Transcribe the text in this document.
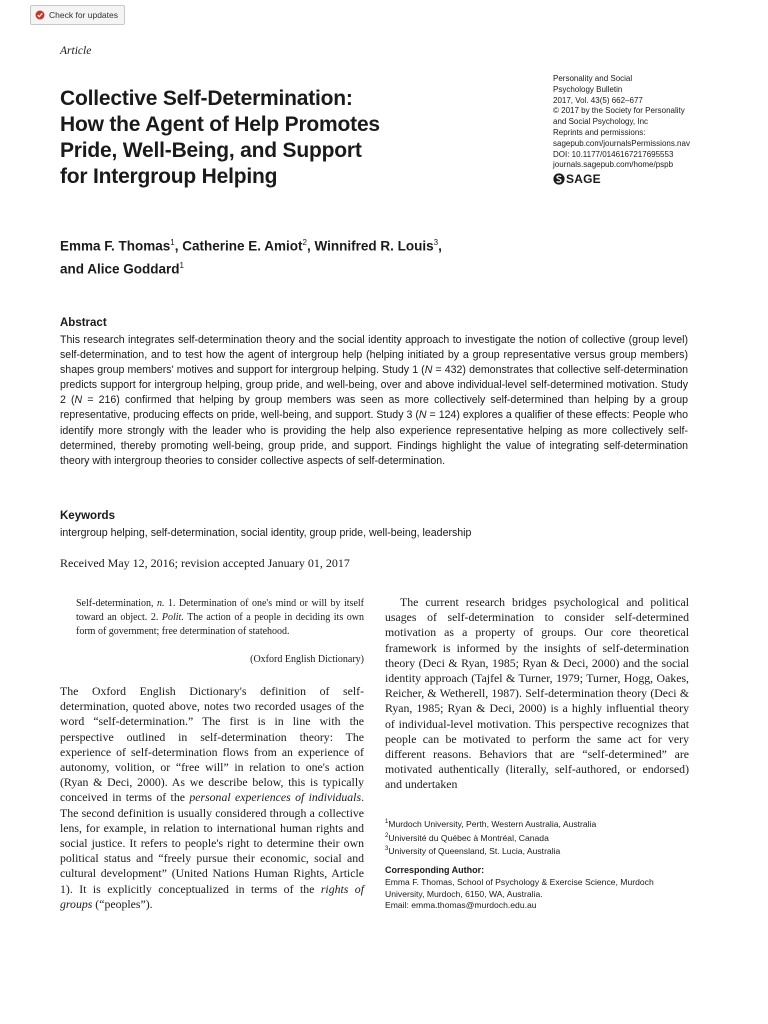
Check for updates
Article
Collective Self-Determination:
How the Agent of Help Promotes
Pride, Well-Being, and Support
for Intergroup Helping
Personality and Social
Psychology Bulletin
2017, Vol. 43(5) 662–677
© 2017 by the Society for Personality
and Social Psychology, Inc
Reprints and permissions:
sagepub.com/journalsPermissions.nav
DOI: 10.1177/0146167217695553
journals.sagepub.com/home/pspb
SAGE
Emma F. Thomas$^1$, Catherine E. Amiot$^2$, Winnifred R. Louis$^3$,
and Alice Goddard$^1$
Abstract

This research integrates self-determination theory and the social identity approach to investigate the notion of collective (group level) self-determination, and to test how the agent of intergroup help (helping initiated by a group representative versus group members) shapes group members' motives and support for intergroup helping. Study 1 (N = 432) demonstrates that collective self-determination predicts support for intergroup helping, group pride, and well-being, over and above individual-level self-determined motivation. Study 2 (N = 216) confirmed that helping by group members was seen as more collectively self-determined than helping by a group representative, producing effects on pride, well-being, and support. Study 3 (N = 124) explores a qualifier of these effects: People who identify more strongly with the leader who is providing the help also experience representative helping as more collectively self-determined, thereby promoting well-being, group pride, and support. Findings highlight the value of integrating self-determination theory with intergroup theories to consider collective aspects of self-determination.

Keywords

intergroup helping, self-determination, social identity, group pride, well-being, leadership

Received May 12, 2016; revision accepted January 01, 2017
Self-determination, n. 1. Determination of one's mind or will by itself toward an object. 2. Polit. The action of a people in deciding its own form of government; free determination of statehood.
(Oxford English Dictionary)

The Oxford English Dictionary's definition of self-determination, quoted above, notes two recorded usages of the word “self-determination.” The first is in line with the perspective outlined in self-determination theory: The experience of self-determination flows from an experience of autonomy, volition, or “free will” in relation to one's action (Ryan & Deci, 2000). As we describe below, this is typically conceived in terms of the personal experiences of individuals. The second definition is usually considered through a collective lens, for example, in relation to international human rights and social justice. It refers to people's right to determine their own political status and “freely pursue their economic, social and cultural development” (United Nations Human Rights, Article 1). It is explicitly conceptualized in terms of the rights of groups (“peoples”).

The current research bridges psychological and political usages of self-determination to consider self-determined motivation as a property of groups. Our core theoretical framework is informed by the insights of self-determination theory (Deci & Ryan, 1985; Ryan & Deci, 2000) and the social identity approach (Tajfel & Turner, 1979; Turner, Hogg, Oakes, Reicher, & Wetherell, 1987). Self-determination theory (Deci & Ryan, 1985; Ryan & Deci, 2000) is a highly influential theory of individual-level motivation. This perspective recognizes that people can be motivated to perform the same act for very different reasons. Behaviors that are “self-determined” are motivated authentically (literally, self-authored, or endorsed) and undertaken

$^1$Murdoch University, Perth, Western Australia, Australia
$^2$Université du Québec à Montréal, Canada
$^3$University of Queensland, St. Lucia, Australia
Corresponding Author:
Emma F. Thomas, School of Psychology & Exercise Science, Murdoch University, Murdoch, 6150, WA, Australia.
Email: emma.thomas@murdoch.edu.au
